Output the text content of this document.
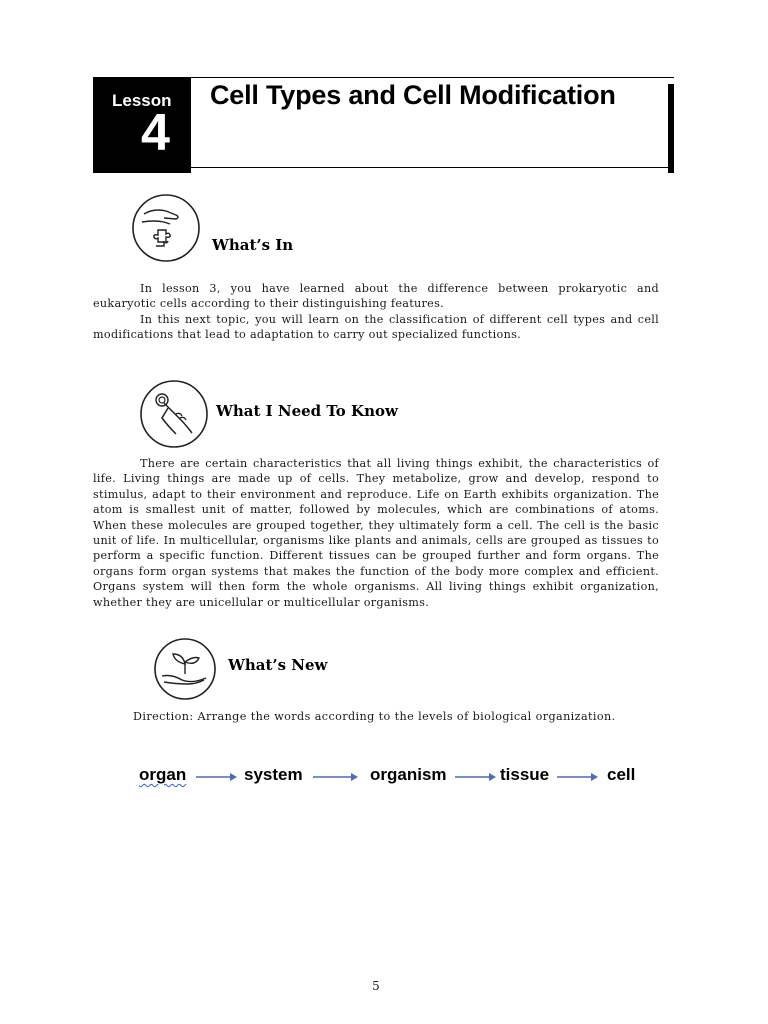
Lesson
4
Cell Types and Cell Modification
What’s In

In lesson 3, you have learned about the difference between prokaryotic and eukaryotic cells according to their distinguishing features.

In this next topic, you will learn on the classification of different cell types and cell modifications that lead to adaptation to carry out specialized functions.

What I Need To Know

There are certain characteristics that all living things exhibit, the characteristics of life. Living things are made up of cells. They metabolize, grow and develop, respond to stimulus, adapt to their environment and reproduce. Life on Earth exhibits organization. The atom is smallest unit of matter, followed by molecules, which are combinations of atoms. When these molecules are grouped together, they ultimately form a cell. The cell is the basic unit of life. In multicellular, organisms like plants and animals, cells are grouped as tissues to perform a specific function. Different tissues can be grouped further and form organs. The organs form organ systems that makes the function of the body more complex and efficient. Organs system will then form the whole organisms. All living things exhibit organization, whether they are unicellular or multicellular organisms.

What’s New
Direction: Arrange the words according to the levels of biological organization.
organ	system	organism	tissue	cell
5
